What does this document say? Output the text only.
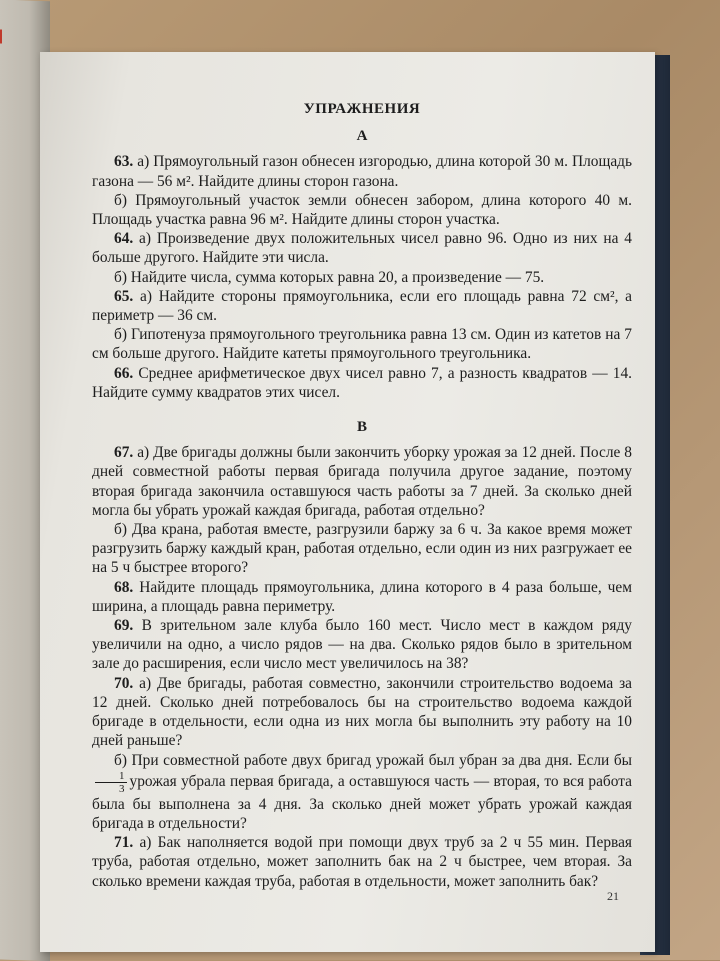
УПРАЖНЕНИЯ
А

63. а) Прямоугольный газон обнесен изгородью, длина которой 30 м. Площадь газона — 56 м². Найдите длины сторон газона.

б) Прямоугольный участок земли обнесен забором, длина которого 40 м. Площадь участка равна 96 м². Найдите длины сторон участка.

64. а) Произведение двух положительных чисел равно 96. Одно из них на 4 больше другого. Найдите эти числа.

б) Найдите числа, сумма которых равна 20, а произведение — 75.

65. а) Найдите стороны прямоугольника, если его площадь равна 72 см², а периметр — 36 см.

б) Гипотенуза прямоугольного треугольника равна 13 см. Один из катетов на 7 см больше другого. Найдите катеты прямоугольного треугольника.

66. Среднее арифметическое двух чисел равно 7, а разность квадратов — 14. Найдите сумму квадратов этих чисел.

В

67. а) Две бригады должны были закончить уборку урожая за 12 дней. После 8 дней совместной работы первая бригада получила другое задание, поэтому вторая бригада закончила оставшуюся часть работы за 7 дней. За сколько дней могла бы убрать урожай каждая бригада, работая отдельно?

б) Два крана, работая вместе, разгрузили баржу за 6 ч. За какое время может разгрузить баржу каждый кран, работая отдельно, если один из них разгружает ее на 5 ч быстрее второго?

68. Найдите площадь прямоугольника, длина которого в 4 раза больше, чем ширина, а площадь равна периметру.

69. В зрительном зале клуба было 160 мест. Число мест в каждом ряду увеличили на одно, а число рядов — на два. Сколько рядов было в зрительном зале до расширения, если число мест увеличилось на 38?

70. а) Две бригады, работая совместно, закончили строительство водоема за 12 дней. Сколько дней потребовалось бы на строительство водоема каждой бригаде в отдельности, если одна из них могла бы выполнить эту работу на 10 дней раньше?

б) При совместной работе двух бригад урожай был убран за два дня. Если бы
$\frac{1}{3}$ урожая убрала первая бригада, а оставшуюся часть — вторая, то вся работа была бы выполнена за 4 дня. За сколько дней может убрать урожай каждая бригада в отдельности?

71. а) Бак наполняется водой при помощи двух труб за 2 ч 55 мин. Первая труба, работая отдельно, может заполнить бак на 2 ч быстрее, чем вторая. За сколько времени каждая труба, работая в отдельности, может заполнить бак?

21
